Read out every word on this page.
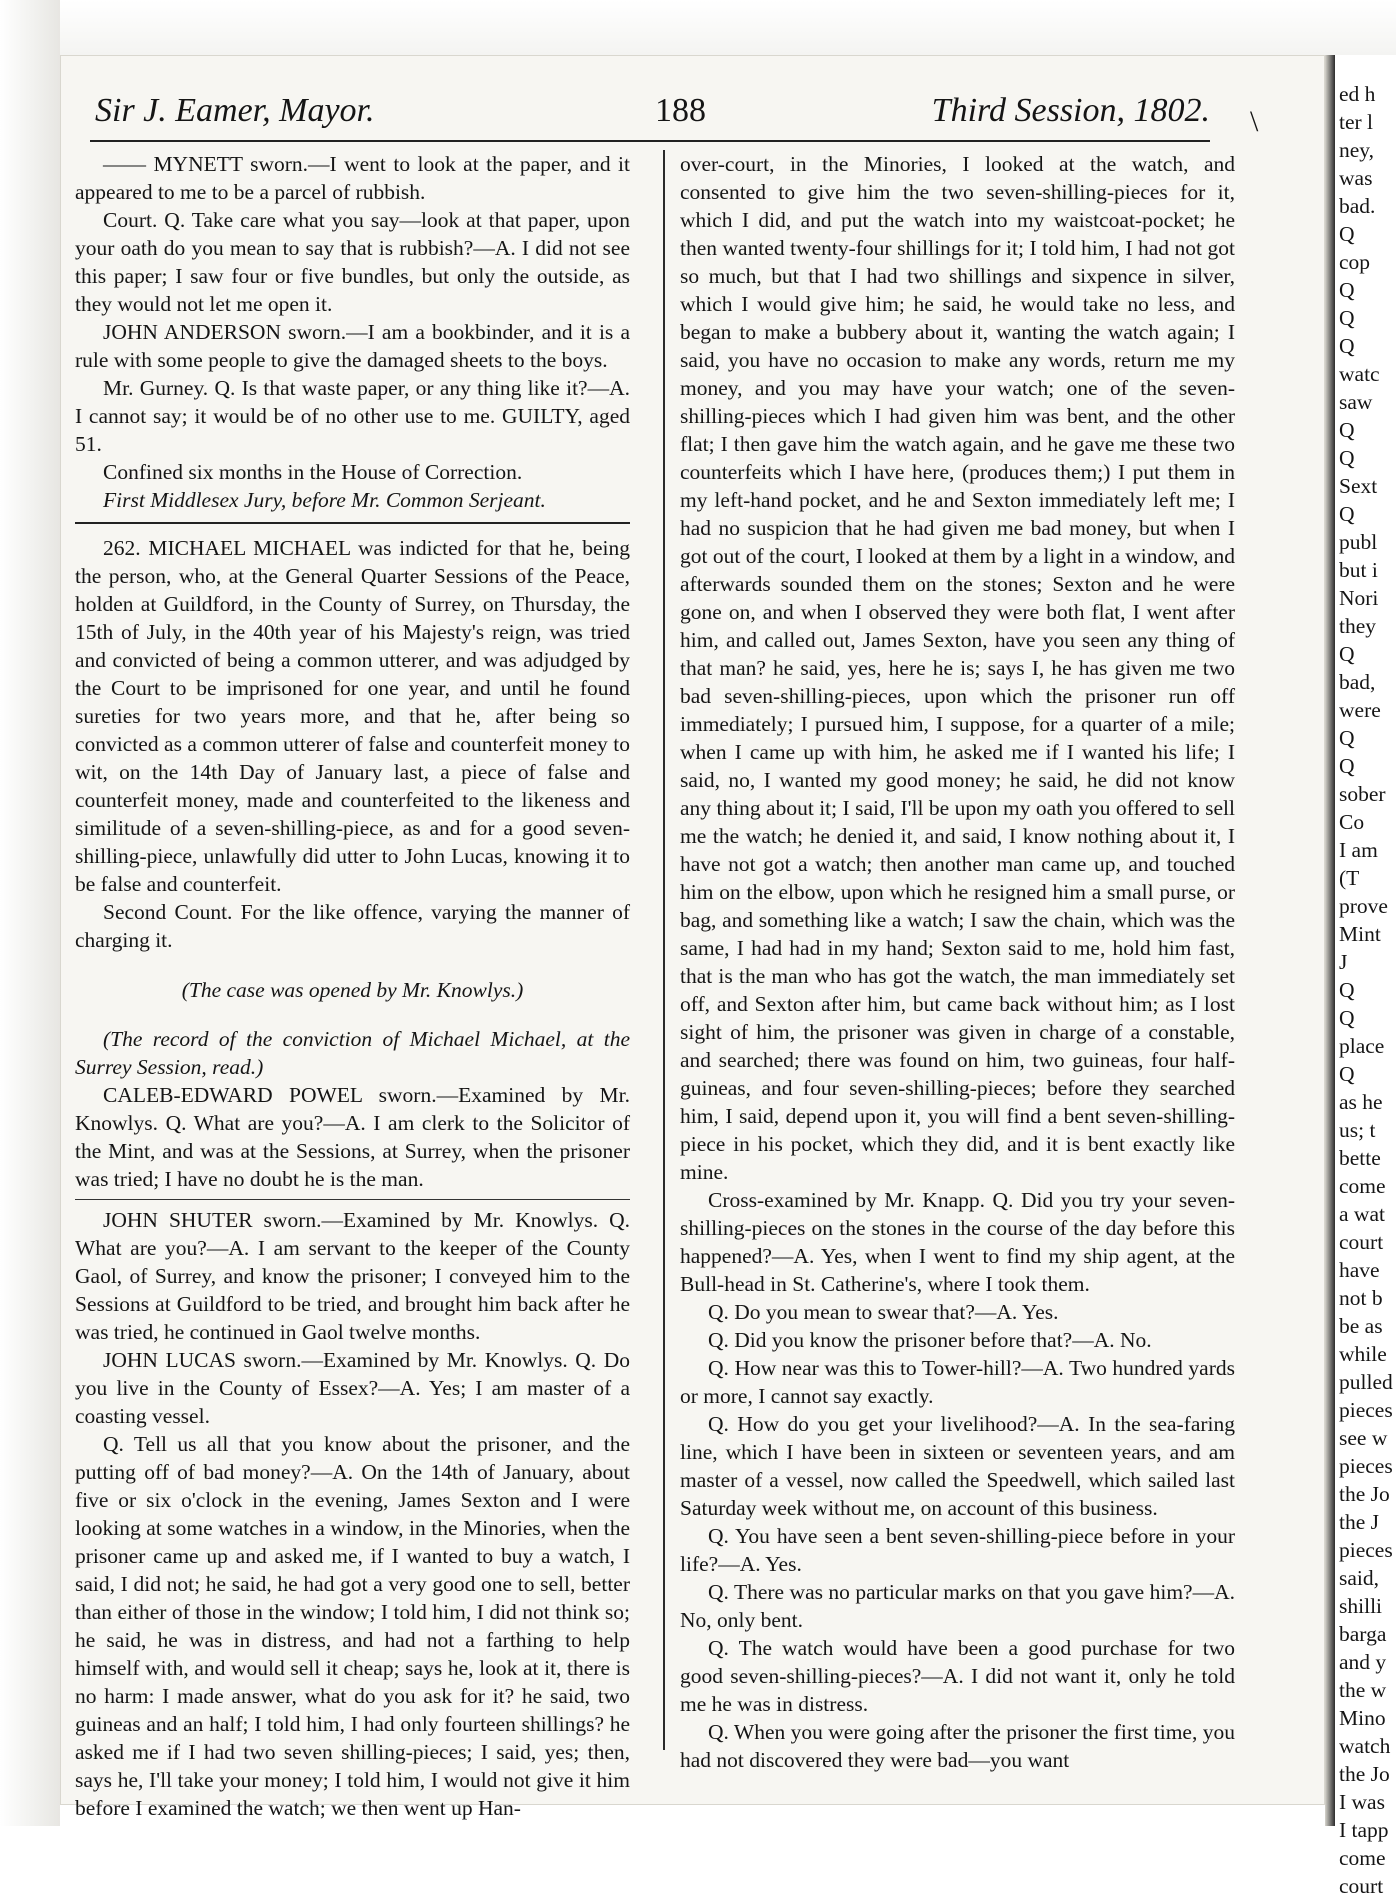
Sir J. Eamer, Mayor.	188	Third Session, 1802. \

—— MYNETT sworn.—I went to look at the paper, and it appeared to me to be a parcel of rubbish.

Court. Q. Take care what you say—look at that paper, upon your oath do you mean to say that is rubbish?—A. I did not see this paper; I saw four or five bundles, but only the outside, as they would not let me open it.

JOHN ANDERSON sworn.—I am a bookbinder, and it is a rule with some people to give the damaged sheets to the boys.

Mr. Gurney. Q. Is that waste paper, or any thing like it?—A. I cannot say; it would be of no other use to me. GUILTY, aged 51.

Confined six months in the House of Correction.

First Middlesex Jury, before Mr. Common Serjeant.

262. MICHAEL MICHAEL was indicted for that he, being the person, who, at the General Quarter Sessions of the Peace, holden at Guildford, in the County of Surrey, on Thursday, the 15th of July, in the 40th year of his Majesty's reign, was tried and convicted of being a common utterer, and was adjudged by the Court to be imprisoned for one year, and until he found sureties for two years more, and that he, after being so convicted as a common utterer of false and counterfeit money to wit, on the 14th Day of January last, a piece of false and counterfeit money, made and counterfeited to the likeness and similitude of a seven-shilling-piece, as and for a good seven-shilling-piece, unlawfully did utter to John Lucas, knowing it to be false and counterfeit.

Second Count. For the like offence, varying the manner of charging it.

(The case was opened by Mr. Knowlys.)

(The record of the conviction of Michael Michael, at the Surrey Session, read.)

CALEB-EDWARD POWEL sworn.—Examined by Mr. Knowlys. Q. What are you?—A. I am clerk to the Solicitor of the Mint, and was at the Sessions, at Surrey, when the prisoner was tried; I have no doubt he is the man.

JOHN SHUTER sworn.—Examined by Mr. Knowlys. Q. What are you?—A. I am servant to the keeper of the County Gaol, of Surrey, and know the prisoner; I conveyed him to the Sessions at Guildford to be tried, and brought him back after he was tried, he continued in Gaol twelve months.

JOHN LUCAS sworn.—Examined by Mr. Knowlys. Q. Do you live in the County of Essex?—A. Yes; I am master of a coasting vessel.

Q. Tell us all that you know about the prisoner, and the putting off of bad money?—A. On the 14th of January, about five or six o'clock in the evening, James Sexton and I were looking at some watches in a window, in the Minories, when the prisoner came up and asked me, if I wanted to buy a watch, I said, I did not; he said, he had got a very good one to sell, better than either of those in the window; I told him, I did not think so; he said, he was in distress, and had not a farthing to help himself with, and would sell it cheap; says he, look at it, there is no harm: I made answer, what do you ask for it? he said, two guineas and an half; I told him, I had only fourteen shillings? he asked me if I had two seven shilling-pieces; I said, yes; then, says he, I'll take your money; I told him, I would not give it him before I examined the watch; we then went up Han-

over-court, in the Minories, I looked at the watch, and consented to give him the two seven-shilling-pieces for it, which I did, and put the watch into my waistcoat-pocket; he then wanted twenty-four shillings for it; I told him, I had not got so much, but that I had two shillings and sixpence in silver, which I would give him; he said, he would take no less, and began to make a bubbery about it, wanting the watch again; I said, you have no occasion to make any words, return me my money, and you may have your watch; one of the seven-shilling-pieces which I had given him was bent, and the other flat; I then gave him the watch again, and he gave me these two counterfeits which I have here, (produces them;) I put them in my left-hand pocket, and he and Sexton immediately left me; I had no suspicion that he had given me bad money, but when I got out of the court, I looked at them by a light in a window, and afterwards sounded them on the stones; Sexton and he were gone on, and when I observed they were both flat, I went after him, and called out, James Sexton, have you seen any thing of that man? he said, yes, here he is; says I, he has given me two bad seven-shilling-pieces, upon which the prisoner run off immediately; I pursued him, I suppose, for a quarter of a mile; when I came up with him, he asked me if I wanted his life; I said, no, I wanted my good money; he said, he did not know any thing about it; I said, I'll be upon my oath you offered to sell me the watch; he denied it, and said, I know nothing about it, I have not got a watch; then another man came up, and touched him on the elbow, upon which he resigned him a small purse, or bag, and something like a watch; I saw the chain, which was the same, I had had in my hand; Sexton said to me, hold him fast, that is the man who has got the watch, the man immediately set off, and Sexton after him, but came back without him; as I lost sight of him, the prisoner was given in charge of a constable, and searched; there was found on him, two guineas, four half-guineas, and four seven-shilling-pieces; before they searched him, I said, depend upon it, you will find a bent seven-shilling-piece in his pocket, which they did, and it is bent exactly like mine.

Cross-examined by Mr. Knapp. Q. Did you try your seven-shilling-pieces on the stones in the course of the day before this happened?—A. Yes, when I went to find my ship agent, at the Bull-head in St. Catherine's, where I took them.

Q. Do you mean to swear that?—A. Yes.

Q. Did you know the prisoner before that?—A. No.

Q. How near was this to Tower-hill?—A. Two hundred yards or more, I cannot say exactly.

Q. How do you get your livelihood?—A. In the sea-faring line, which I have been in sixteen or seventeen years, and am master of a vessel, now called the Speedwell, which sailed last Saturday week without me, on account of this business.

Q. You have seen a bent seven-shilling-piece before in your life?—A. Yes.

Q. There was no particular marks on that you gave him?—A. No, only bent.

Q. The watch would have been a good purchase for two good seven-shilling-pieces?—A. I did not want it, only he told me he was in distress.

Q. When you were going after the prisoner the first time, you had not discovered they were bad—you want

ed h
ter l
ney,
was
bad.
Q
cop
Q
Q
Q
watc
saw
Q
Q
Sext
Q
publ
but i
Nori
they
Q
bad,
were
Q
Q
sober
Co
I am
(T
prove
Mint
J
Q
Q
place
Q
as he
us; t
bette
come
a wat
court
have
not b
be as
while
pulled
pieces
see w
pieces
the Jo
the J
pieces
said,
shilli
barga
and y
the w
Mino
watch
the Jo
I was
I tapp
come
court
